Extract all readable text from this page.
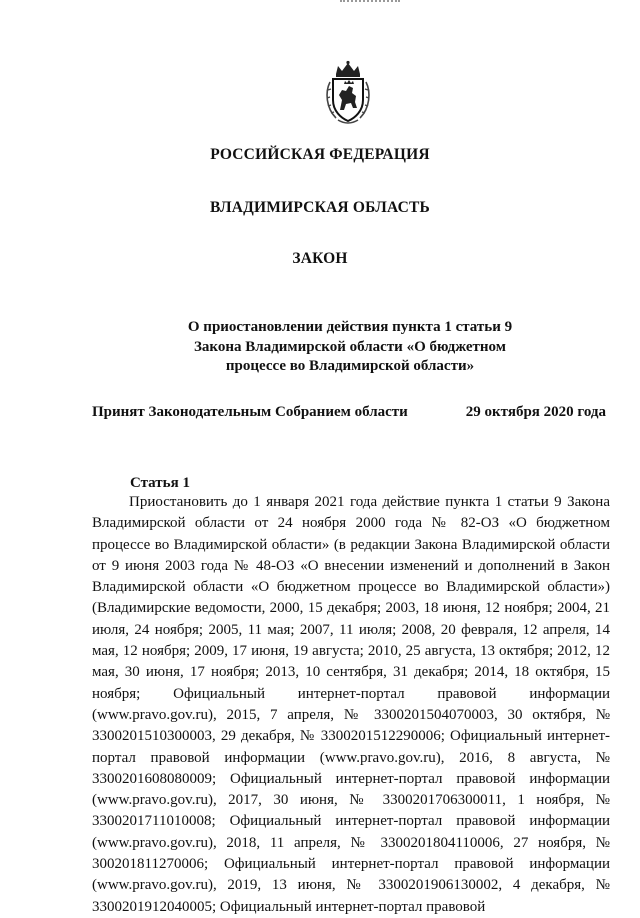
РОССИЙСКАЯ ФЕДЕРАЦИЯ
ВЛАДИМИРСКАЯ ОБЛАСТЬ
ЗАКОН
О приостановлении действия пункта 1 статьи 9
Закона Владимирской области «О бюджетном
процессе во Владимирской области»
Принят Законодательным Собранием области	29 октября 2020 года
Статья 1

Приостановить до 1 января 2021 года действие пункта 1 статьи 9 Закона Владимирской области от 24 ноября 2000 года № 82-ОЗ «О бюджетном процессе во Владимирской области» (в редакции Закона Владимирской области от 9 июня 2003 года № 48-ОЗ «О внесении изменений и дополнений в Закон Владимирской области «О бюджетном процессе во Владимирской области») (Владимирские ведомости, 2000, 15 декабря; 2003, 18 июня, 12 ноября; 2004, 21 июля, 24 ноября; 2005, 11 мая; 2007, 11 июля; 2008, 20 февраля, 12 апреля, 14 мая, 12 ноября; 2009, 17 июня, 19 августа; 2010, 25 августа, 13 октября; 2012, 12 мая, 30 июня, 17 ноября; 2013, 10 сентября, 31 декабря; 2014, 18 октября, 15 ноября; Официальный интернет-портал правовой информации (www.pravo.gov.ru), 2015, 7 апреля, № 3300201504070003, 30 октября, № 3300201510300003, 29 декабря, № 3300201512290006; Официальный интернет-портал правовой информации (www.pravo.gov.ru), 2016, 8 августа, № 3300201608080009; Официальный интернет-портал правовой информации (www.pravo.gov.ru), 2017, 30 июня, № 3300201706300011, 1 ноября, № 3300201711010008; Официальный интернет-портал правовой информации (www.pravo.gov.ru), 2018, 11 апреля, № 3300201804110006, 27 ноября, № 300201811270006; Официальный интернет-портал правовой информации (www.pravo.gov.ru), 2019, 13 июня, № 3300201906130002, 4 декабря, № 3300201912040005; Официальный интернет-портал правовой
